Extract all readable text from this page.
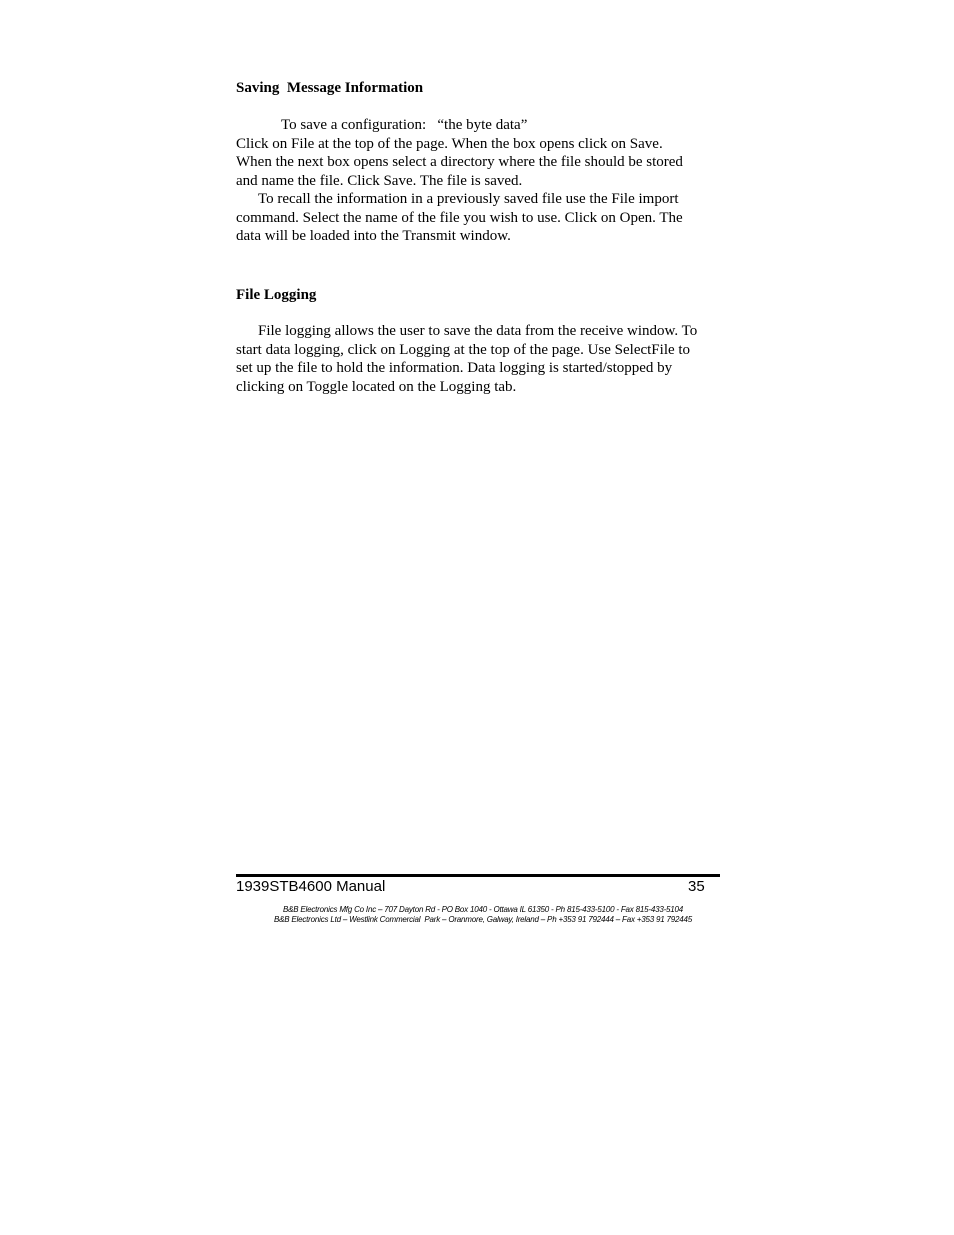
Saving  Message Information
To save a configuration:   “the byte data”
Click on File at the top of the page. When the box opens click on Save.
When the next box opens select a directory where the file should be stored
and name the file. Click Save. The file is saved.
To recall the information in a previously saved file use the File import
command. Select the name of the file you wish to use. Click on Open. The
data will be loaded into the Transmit window.
File Logging
File logging allows the user to save the data from the receive window. To
start data logging, click on Logging at the top of the page. Use SelectFile to
set up the file to hold the information. Data logging is started/stopped by
clicking on Toggle located on the Logging tab.
1939STB4600 Manual	35
B&B Electronics Mfg Co Inc – 707 Dayton Rd - PO Box 1040 - Ottawa IL 61350 - Ph 815-433-5100 - Fax 815-433-5104
B&B Electronics Ltd – Westlink Commercial  Park – Oranmore, Galway, Ireland – Ph +353 91 792444 – Fax +353 91 792445
